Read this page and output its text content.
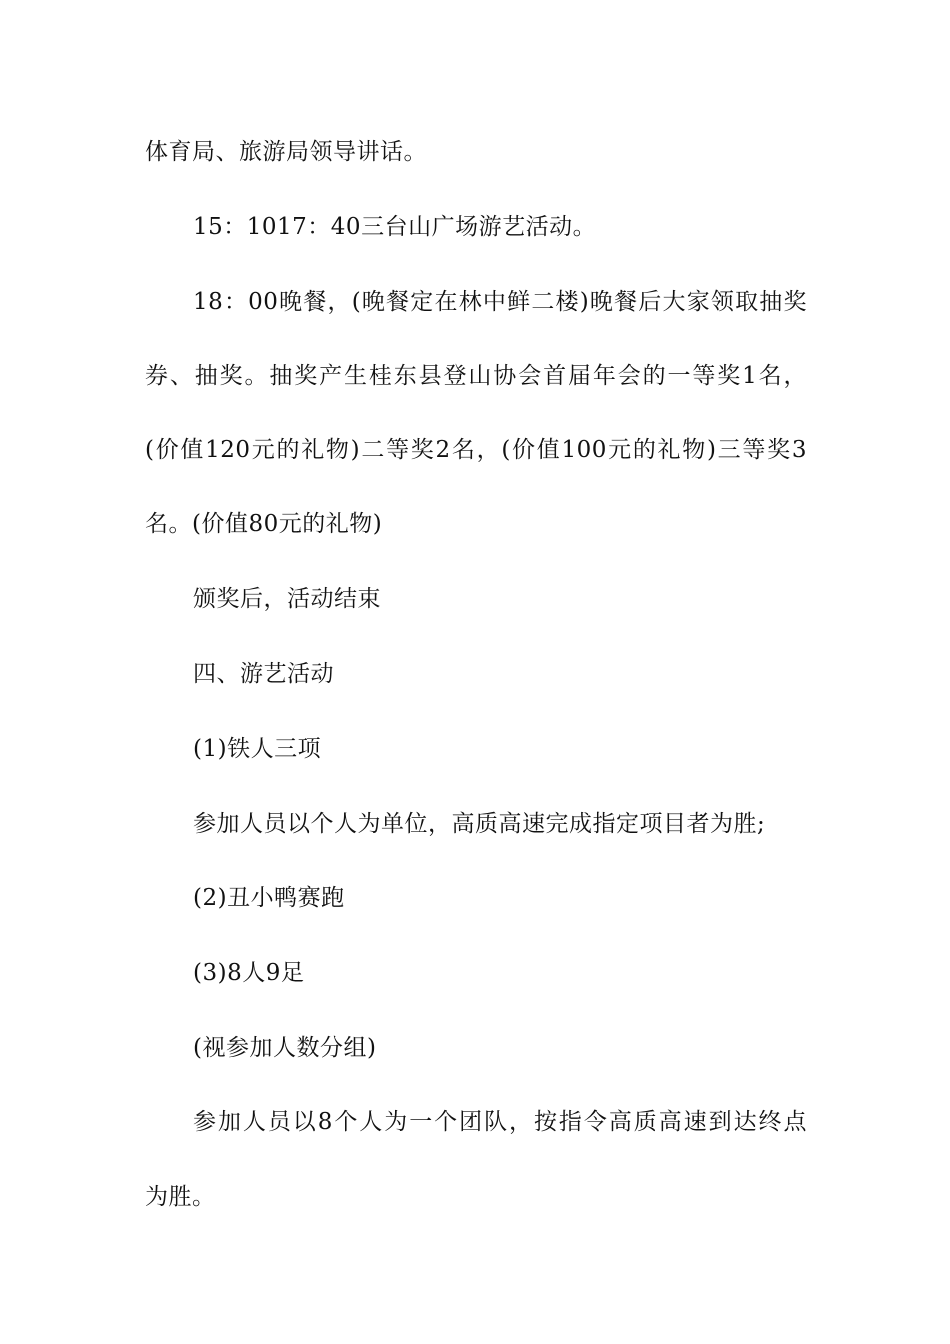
体育局、旅游局领导讲话。
15：1017：40三台山广场游艺活动。
18：00晚餐，(晚餐定在林中鲜二楼)晚餐后大家领取抽奖
券、抽奖。抽奖产生桂东县登山协会首届年会的一等奖1名，
(价值120元的礼物)二等奖2名，(价值100元的礼物)三等奖3
名。(价值80元的礼物)
颁奖后，活动结束
四、游艺活动
(1)铁人三项
参加人员以个人为单位，高质高速完成指定项目者为胜;
(2)丑小鸭赛跑
(3)8人9足
(视参加人数分组)
参加人员以8个人为一个团队，按指令高质高速到达终点
为胜。
